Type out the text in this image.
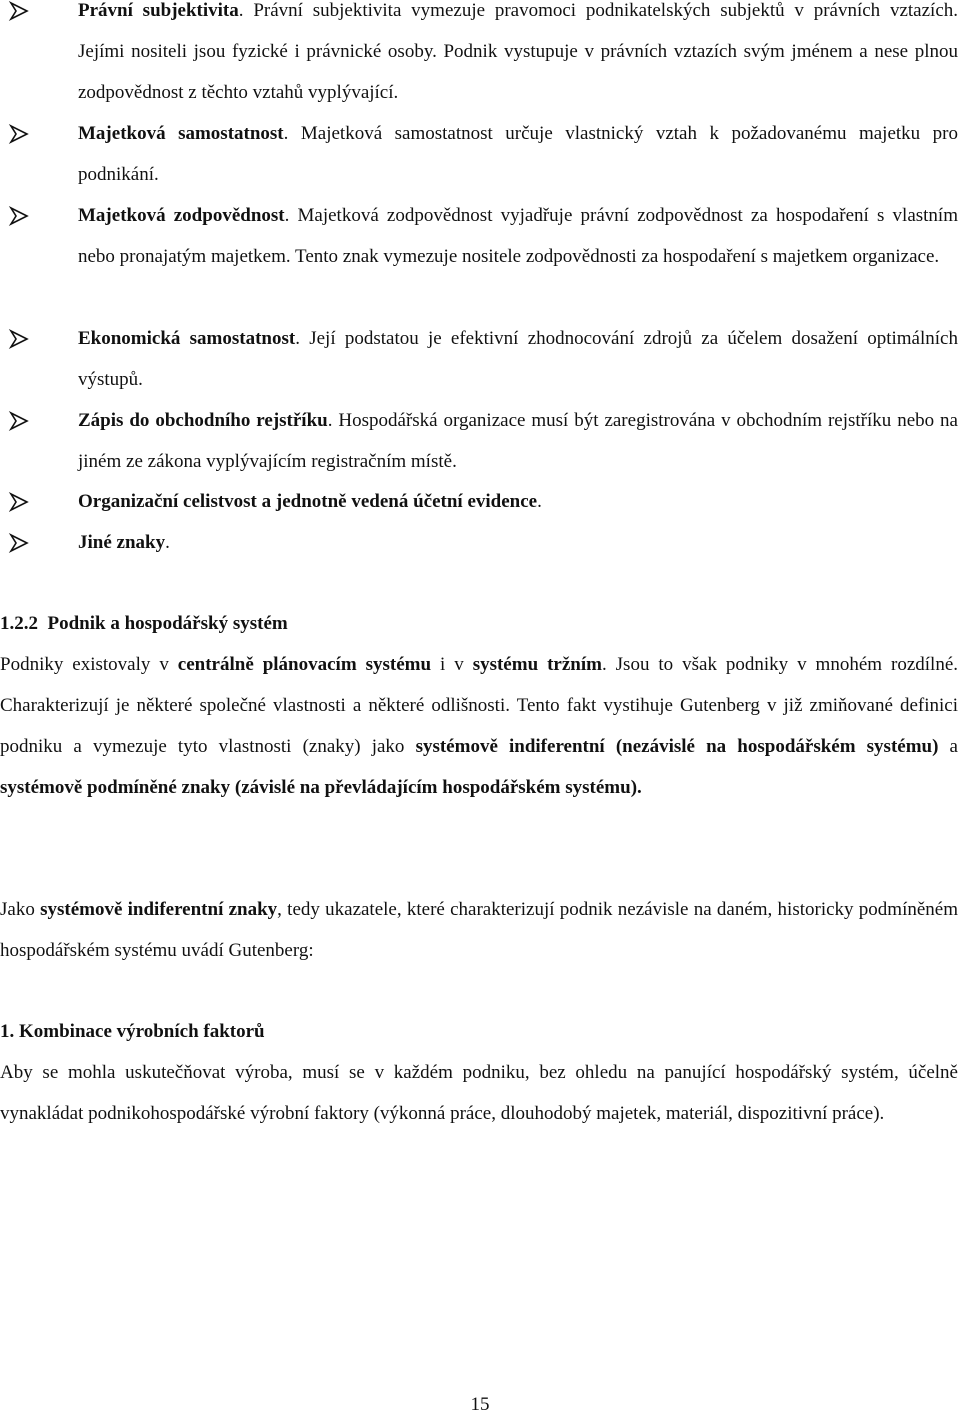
Právní subjektivita. Právní subjektivita vymezuje pravomoci podnikatelských subjektů v právních vztazích. Jejími nositeli jsou fyzické i právnické osoby. Podnik vystupuje v právních vztazích svým jménem a nese plnou zodpovědnost z těchto vztahů vyplývající.
Majetková samostatnost. Majetková samostatnost určuje vlastnický vztah k požadovanému majetku pro podnikání.
Majetková zodpovědnost. Majetková zodpovědnost vyjadřuje právní zodpovědnost za hospodaření s vlastním nebo pronajatým majetkem. Tento znak vymezuje nositele zodpovědnosti za hospodaření s majetkem organizace.
Ekonomická samostatnost. Její podstatou je efektivní zhodnocování zdrojů za účelem dosažení optimálních výstupů.
Zápis do obchodního rejstříku. Hospodářská organizace musí být zaregistrována v obchodním rejstříku nebo na jiném ze zákona vyplývajícím registračním místě.
Organizační celistvost a jednotně vedená účetní evidence.
Jiné znaky.
1.2.2 Podnik a hospodářský systém
Podniky existovaly v centrálně plánovacím systému i v systému tržním. Jsou to však podniky v mnohém rozdílné. Charakterizují je některé společné vlastnosti a některé odlišnosti. Tento fakt vystihuje Gutenberg v již zmiňované definici podniku a vymezuje tyto vlastnosti (znaky) jako systémově indiferentní (nezávislé na hospodářském systému) a systémově podmíněné znaky (závislé na převládajícím hospodářském systému).
Jako systémově indiferentní znaky, tedy ukazatele, které charakterizují podnik nezávisle na daném, historicky podmíněném hospodářském systému uvádí Gutenberg:
1. Kombinace výrobních faktorů
Aby se mohla uskutečňovat výroba, musí se v každém podniku, bez ohledu na panující hospodářský systém, účelně vynakládat podnikohospodářské výrobní faktory (výkonná práce, dlouhodobý majetek, materiál, dispozitivní práce).
15
